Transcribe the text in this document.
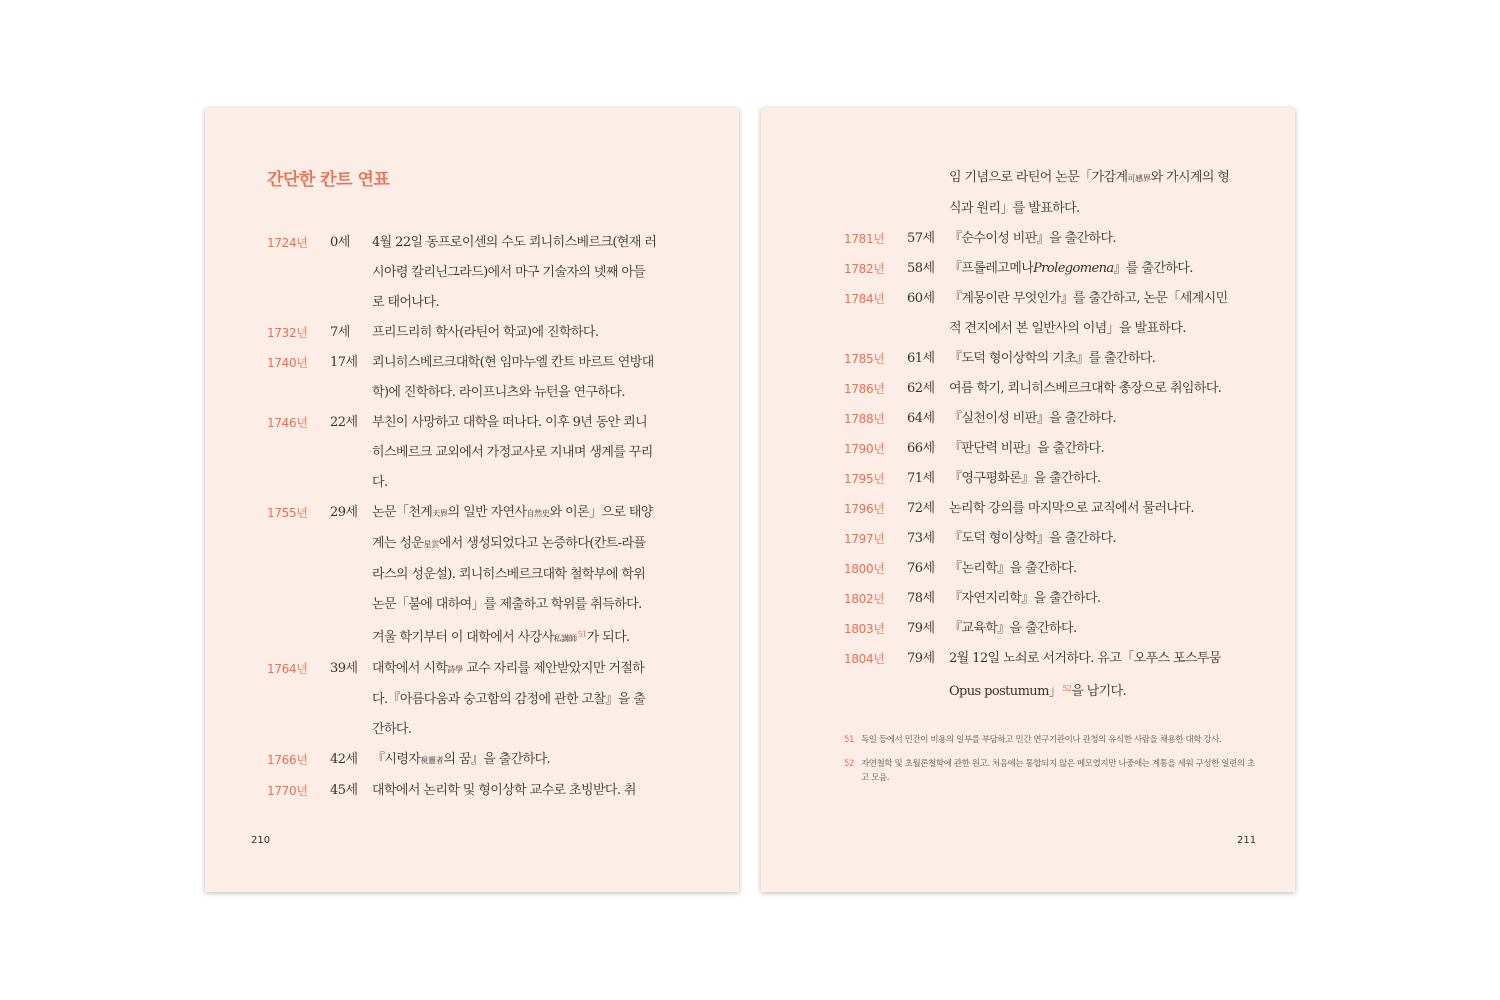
간단한 칸트 연표
1724년	0세	4월 22일 동프로이센의 수도 쾨니히스베르크(현재 러시아령 칼리닌그라드)에서 마구 기술자의 넷째 아들로 태어나다.
1732년	7세	프리드리히 학사(라틴어 학교)에 진학하다.
1740년	17세	쾨니히스베르크대학(현 임마누엘 칸트 바르트 연방대학)에 진학하다. 라이프니츠와 뉴턴을 연구하다.
1746년	22세	부친이 사망하고 대학을 떠나다. 이후 9년 동안 쾨니히스베르크 교외에서 가정교사로 지내며 생계를 꾸리다.
1755년	29세	논문「천계天界의 일반 자연사自然史와 이론」으로 태양계는 성운星雲에서 생성되었다고 논증하다(칸트-라플라스의 성운설). 쾨니히스베르크대학 철학부에 학위논문「불에 대하여」를 제출하고 학위를 취득하다. 겨울 학기부터 이 대학에서 사강사私講師$^{51}$가 되다.
1764년	39세	대학에서 시학詩學 교수 자리를 제안받았지만 거절하다.『아름다움과 숭고함의 감정에 관한 고찰』을 출간하다.
1766년	42세	『시령자視靈者의 꿈』을 출간하다.
1770년	45세	대학에서 논리학 및 형이상학 교수로 초빙받다. 취
210
임 기념으로 라틴어 논문「가감계可感界와 가시계의 형식과 원리」를 발표하다.
1781년	57세	『순수이성 비판』을 출간하다.
1782년	58세	『프롤레고메나Prolegomena』를 출간하다.
1784년	60세	『계몽이란 무엇인가』를 출간하고, 논문「세계시민적 견지에서 본 일반사의 이념」을 발표하다.
1785년	61세	『도덕 형이상학의 기초』를 출간하다.
1786년	62세	여름 학기, 쾨니히스베르크대학 총장으로 취임하다.
1788년	64세	『실천이성 비판』을 출간하다.
1790년	66세	『판단력 비판』을 출간하다.
1795년	71세	『영구평화론』을 출간하다.
1796년	72세	논리학 강의를 마지막으로 교직에서 물러나다.
1797년	73세	『도덕 형이상학』을 출간하다.
1800년	76세	『논리학』을 출간하다.
1802년	78세	『자연지리학』을 출간하다.
1803년	79세	『교육학』을 출간하다.
1804년	79세	2월 12일 노쇠로 서거하다. 유고「오푸스 포스투뭄 Opus postumum」$^{52}$을 남기다.
51 독일 등에서 민간이 비용의 일부를 부담하고 민간 연구기관이나 관청의 유식한 사람을 채용한 대학 강사.
52 자연철학 및 초월론철학에 관한 원고. 처음에는 통합되지 않은 메모였지만 나중에는 계통을 세워 구성한 일련의 초고 모음.
211
